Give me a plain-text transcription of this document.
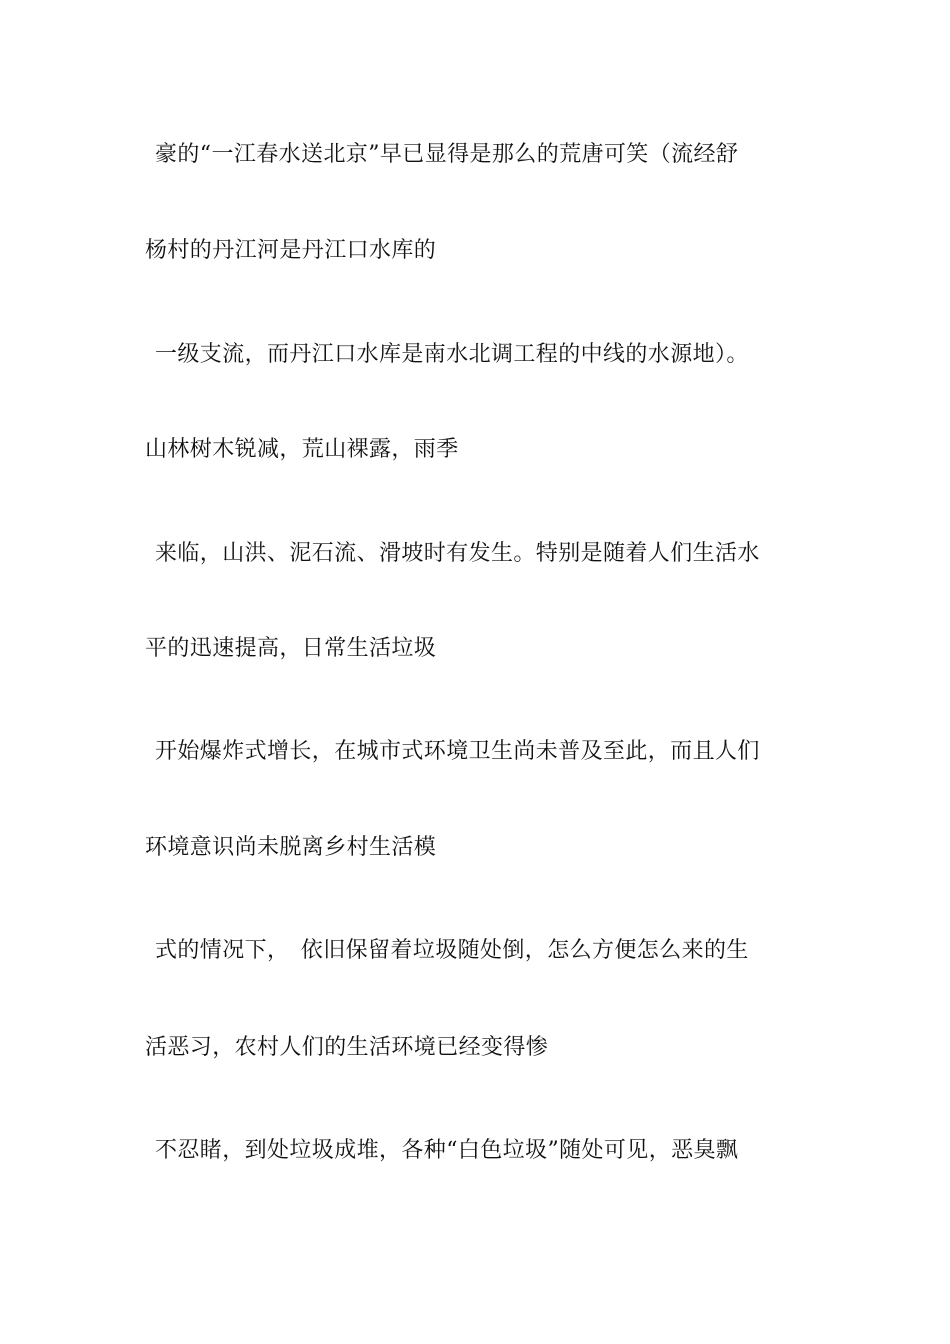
豪的“一江春水送北京”早已显得是那么的荒唐可笑（流经舒
杨村的丹江河是丹江口水库的
一级支流，而丹江口水库是南水北调工程的中线的水源地）。
山林树木锐减，荒山裸露，雨季
来临，山洪、泥石流、滑坡时有发生。特别是随着人们生活水
平的迅速提高，日常生活垃圾
开始爆炸式增长，在城市式环境卫生尚未普及至此，而且人们
环境意识尚未脱离乡村生活模
式的情况下，　依旧保留着垃圾随处倒，怎么方便怎么来的生
活恶习，农村人们的生活环境已经变得惨
不忍睹，到处垃圾成堆，各种“白色垃圾”随处可见，恶臭飘
